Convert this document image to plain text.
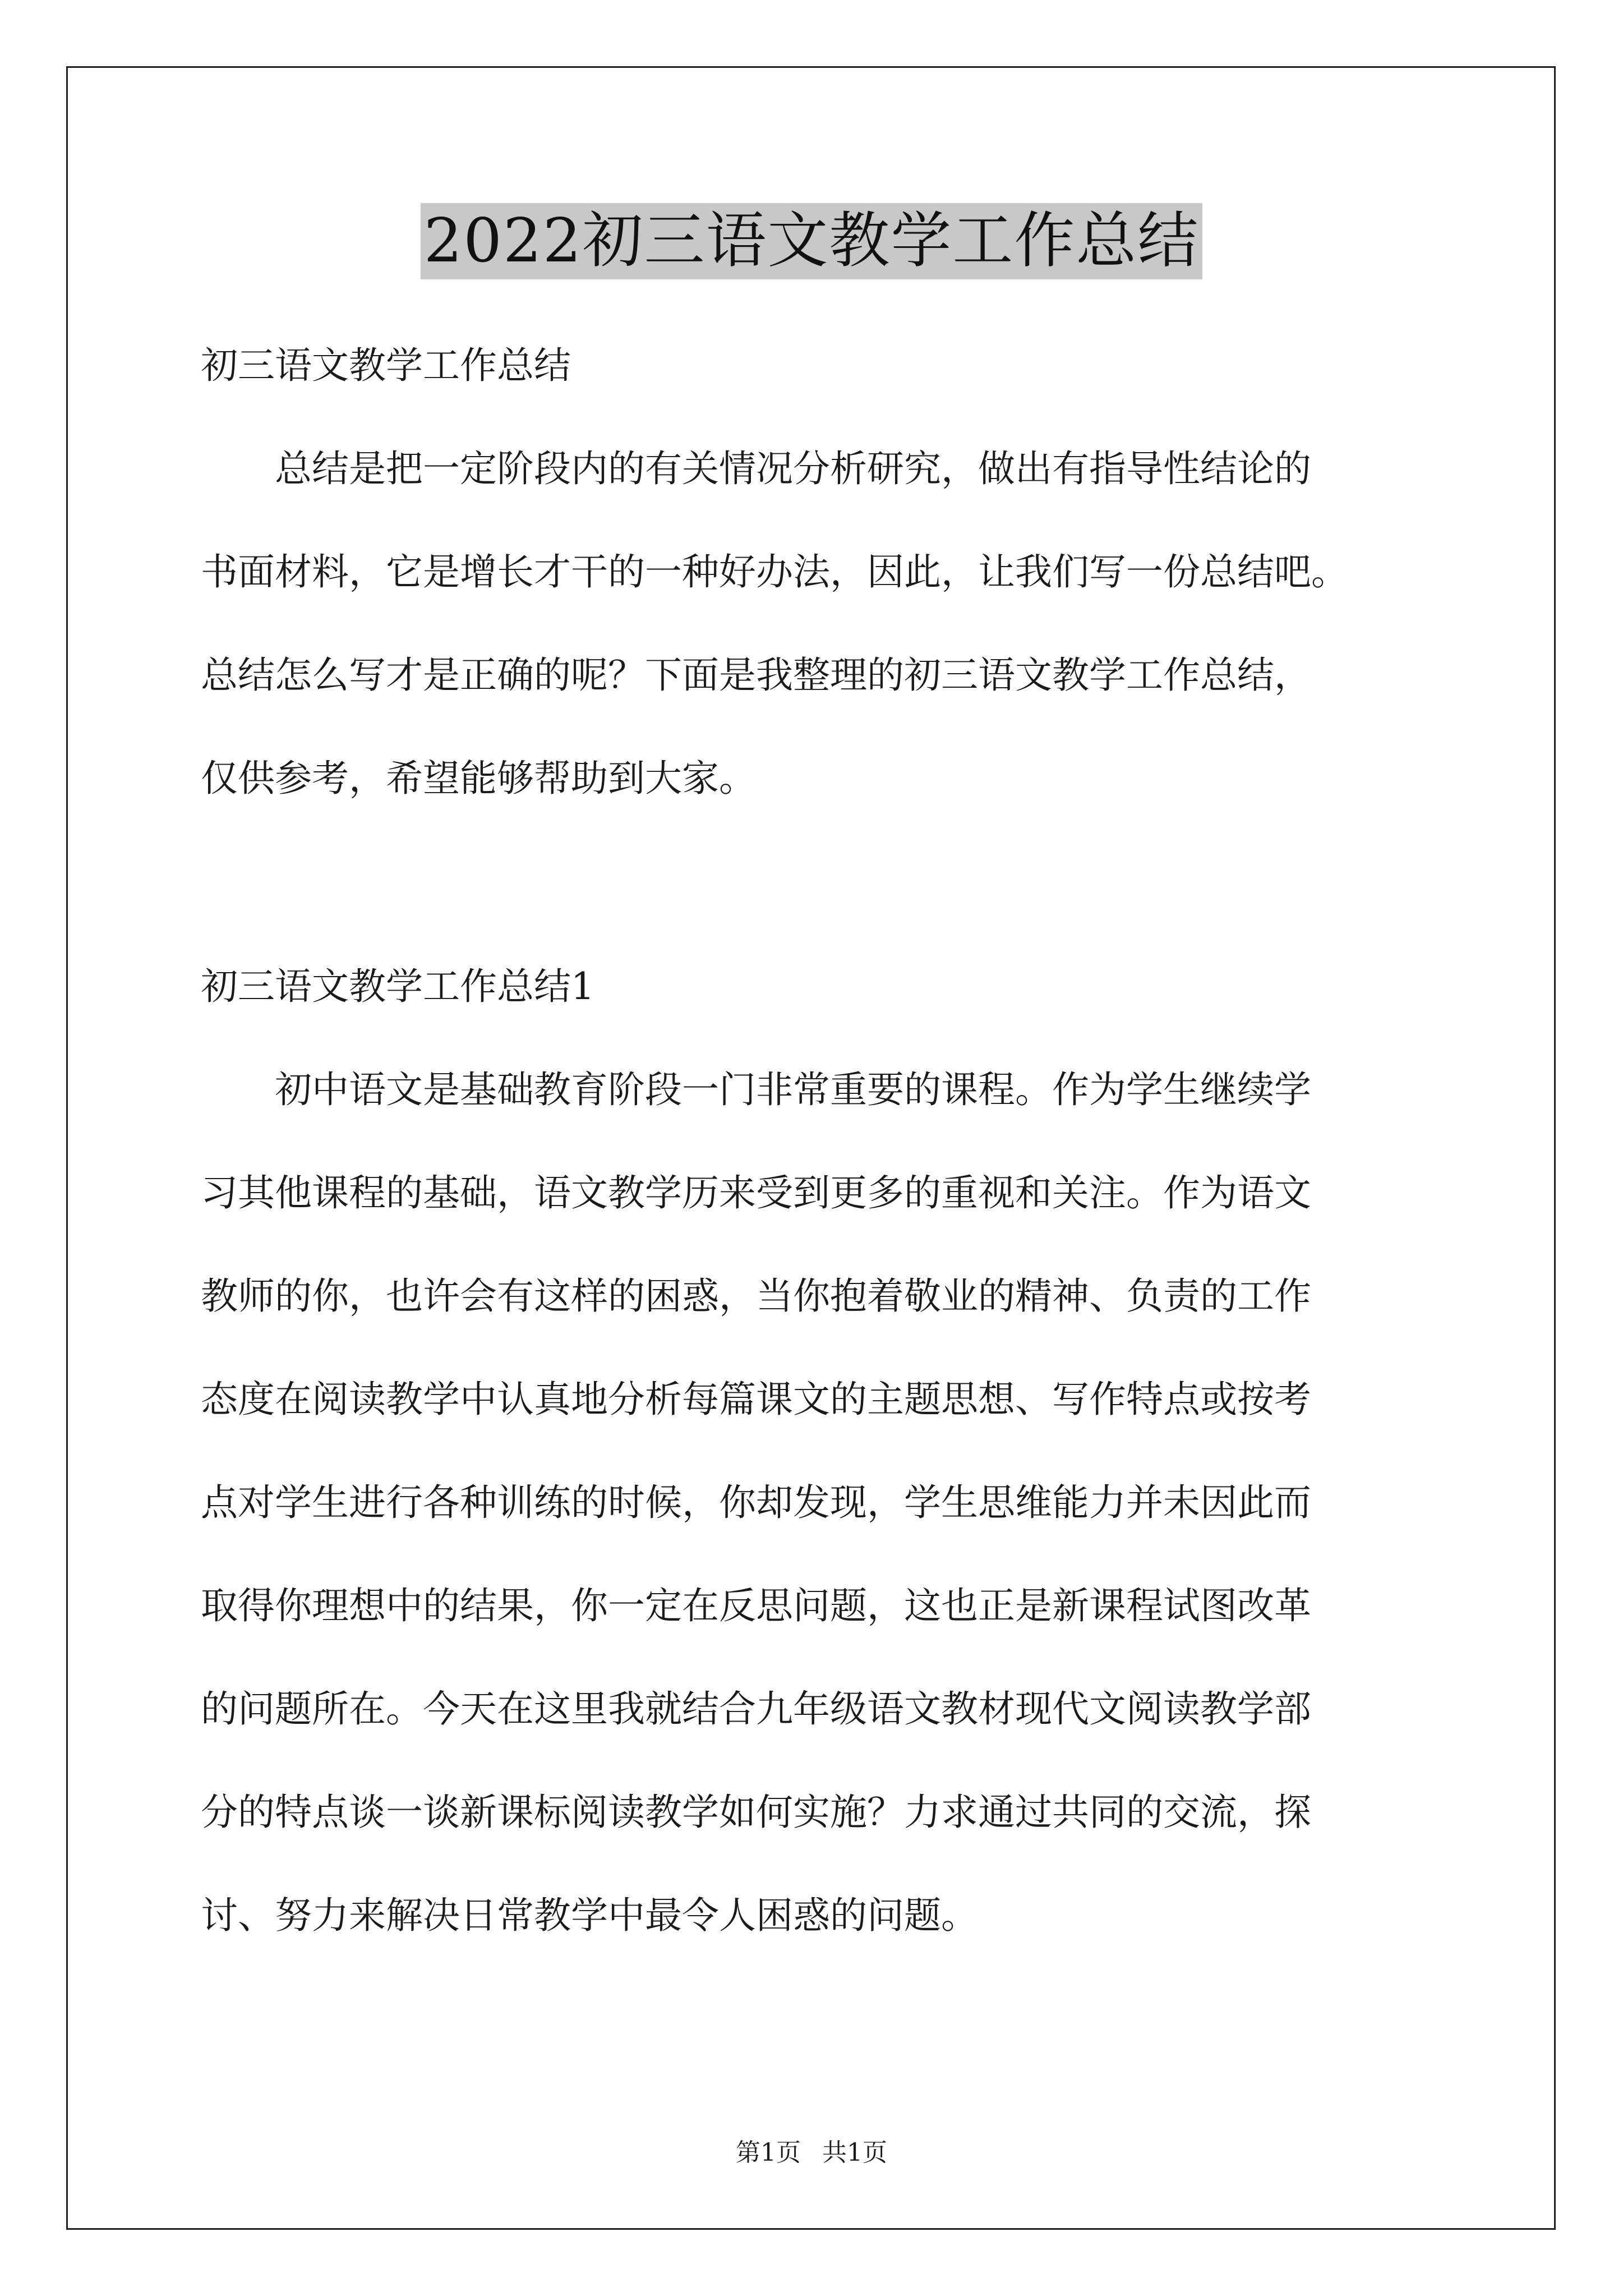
2022初三语文教学工作总结
初三语文教学工作总结
总结是把一定阶段内的有关情况分析研究，做出有指导性结论的
书面材料，它是增长才干的一种好办法，因此，让我们写一份总结吧。
总结怎么写才是正确的呢？下面是我整理的初三语文教学工作总结，
仅供参考，希望能够帮助到大家。
初三语文教学工作总结1
初中语文是基础教育阶段一门非常重要的课程。作为学生继续学
习其他课程的基础，语文教学历来受到更多的重视和关注。作为语文
教师的你，也许会有这样的困惑，当你抱着敬业的精神、负责的工作
态度在阅读教学中认真地分析每篇课文的主题思想、写作特点或按考
点对学生进行各种训练的时候，你却发现，学生思维能力并未因此而
取得你理想中的结果，你一定在反思问题，这也正是新课程试图改革
的问题所在。今天在这里我就结合九年级语文教材现代文阅读教学部
分的特点谈一谈新课标阅读教学如何实施？力求通过共同的交流，探
讨、努力来解决日常教学中最令人困惑的问题。
第1页 共1页
